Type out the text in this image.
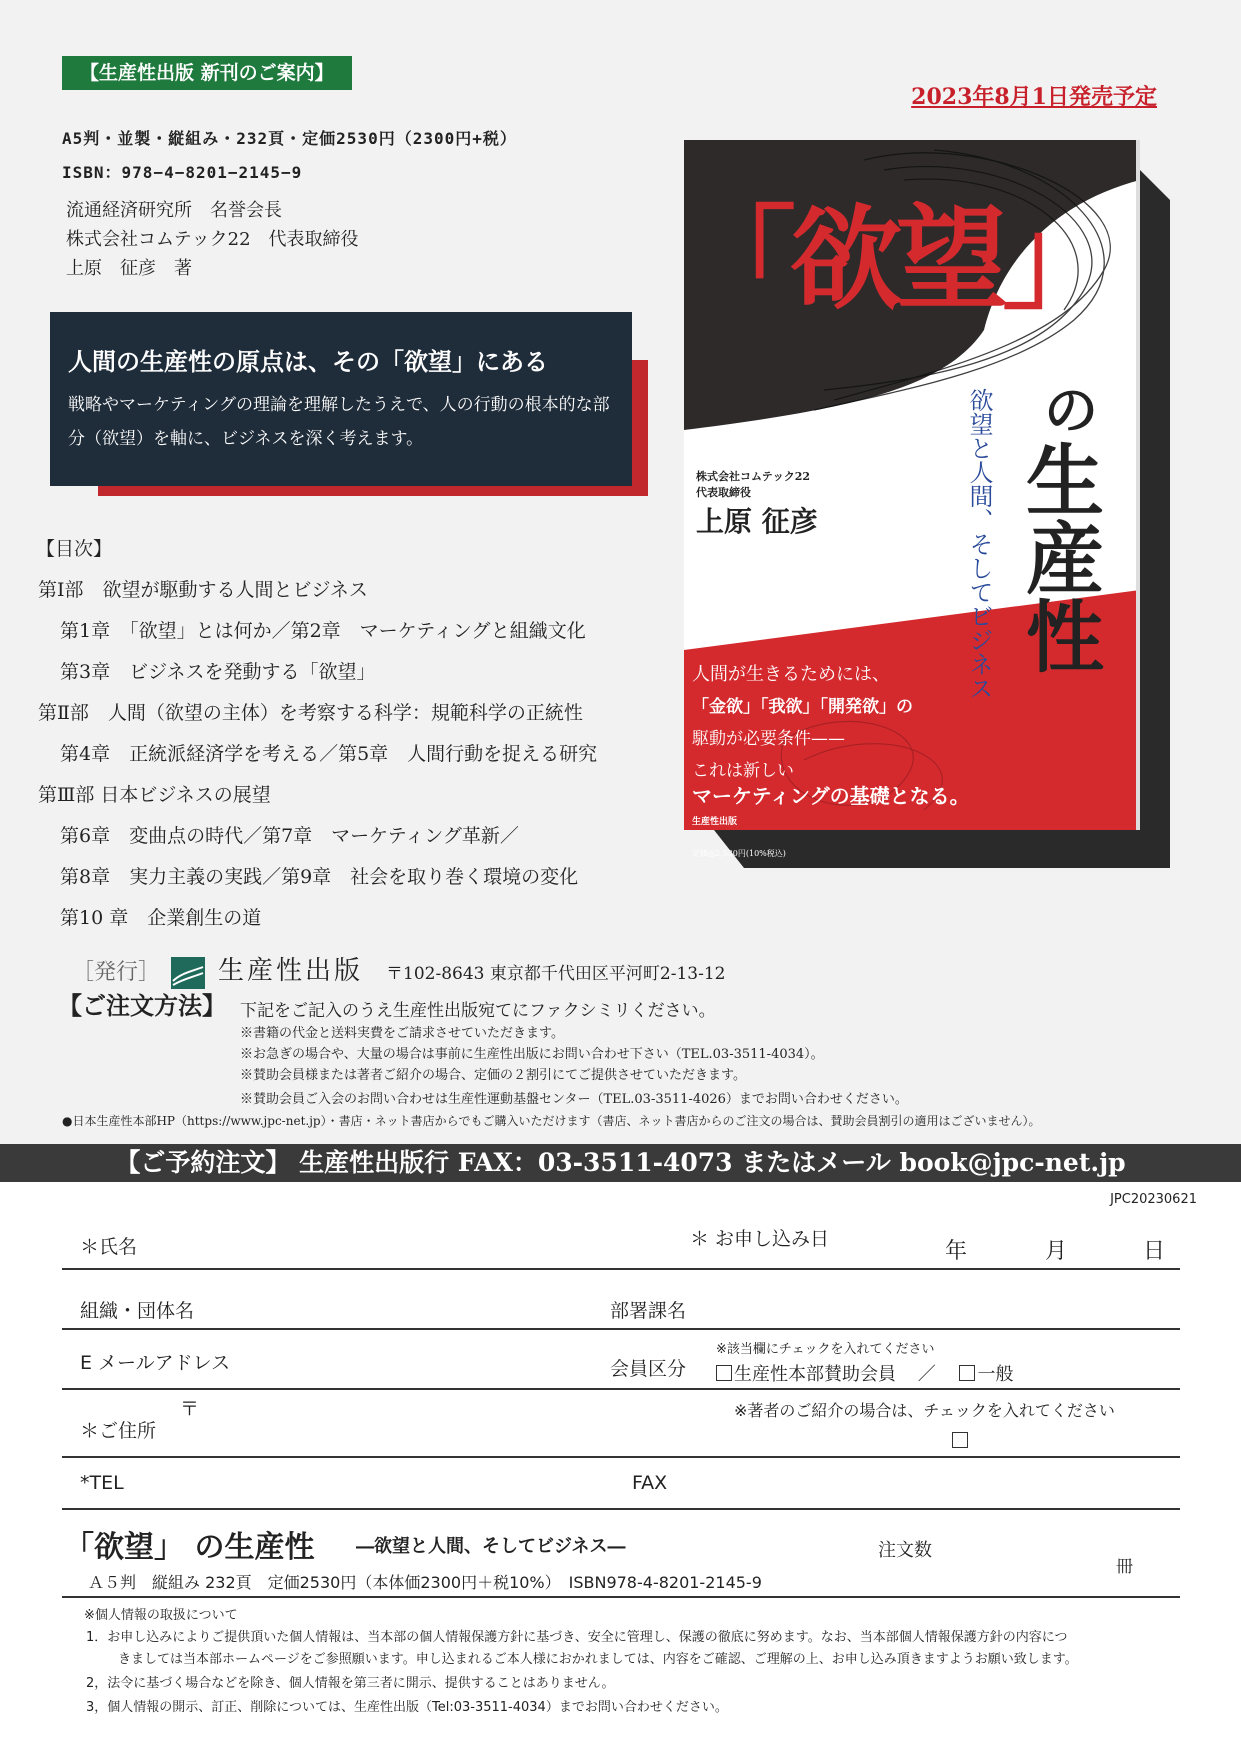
【生産性出版 新刊のご案内】
2023年8月1日発売予定
A5判・並製・縦組み・232頁・定価2530円（2300円+税）
ISBN：978−4−8201−2145−9
流通経済研究所　名誉会長
株式会社コムテック22　代表取締役
上原　征彦　著
人間の生産性の原点は、その「欲望」にある
戦略やマーケティングの理論を理解したうえで、人の行動の根本的な部分（欲望）を軸に、ビジネスを深く考えます。
【目次】
第Ⅰ部　欲望が駆動する人間とビジネス
第1章　「欲望」とは何か／第2章　マーケティングと組織文化
第3章　ビジネスを発動する「欲望」
第Ⅱ部　人間（欲望の主体）を考察する科学：規範科学の正統性
第4章　正統派経済学を考える／第5章　人間行動を捉える研究
第Ⅲ部 日本ビジネスの展望
第6章　変曲点の時代／第7章　マーケティング革新／
第8章　実力主義の実践／第9章　社会を取り巻く環境の変化
第10 章　企業創生の道
「欲望」
の
生産性
欲望と人間、そしてビジネス
株式会社コムテック22
代表取締役
上原 征彦
人間が生きるためには、
「金欲」「我欲」「開発欲」の
駆動が必要条件——
これは新しい
マーケティングの基礎となる。
生産性出版
定価◎2,530円(10%税込)
［発行］ 生産性出版 〒102-8643 東京都千代田区平河町2-13-12
【ご注文方法】 下記をご記入のうえ生産性出版宛てにファクシミリください。
※書籍の代金と送料実費をご請求させていただきます。
※お急ぎの場合や、大量の場合は事前に生産性出版にお問い合わせ下さい（TEL.03-3511-4034）。
※賛助会員様または著者ご紹介の場合、定価の２割引にてご提供させていただきます。
※賛助会員ご入会のお問い合わせは生産性運動基盤センター（TEL.03-3511-4026）までお問い合わせください。
●日本生産性本部HP（https://www.jpc-net.jp）・書店・ネット書店からでもご購入いただけます（書店、ネット書店からのご注文の場合は、賛助会員割引の適用はございません）。
【ご予約注文】 生産性出版行 FAX：03-3511-4073 またはメール book@jpc-net.jp
JPC20230621
＊氏名	＊ お申し込み日	年	月	日
組織・団体名	部署課名
E メールアドレス	会員区分
※該当欄にチェックを入れてください
生産性本部賛助会員 ／ 一般
〒
＊ご住所
※著者のご紹介の場合は、チェックを入れてください
*TEL	FAX
「欲望」 の生産性 ―欲望と人間、そしてビジネス―	注文数
冊
Ａ５判　縦組み 232頁　定価2530円（本体価2300円＋税10%）　ISBN978-4-8201-2145-9
※個人情報の取扱について
1．お申し込みによりご提供頂いた個人情報は、当本部の個人情報保護方針に基づき、安全に管理し、保護の徹底に努めます。なお、当本部個人情報保護方針の内容につ
きましては当本部ホームページをご参照願います。申し込まれるご本人様におかれましては、内容をご確認、ご理解の上、お申し込み頂きますようお願い致します。
2，法令に基づく場合などを除き、個人情報を第三者に開示、提供することはありません。
3，個人情報の開示、訂正、削除については、生産性出版（Tel:03-3511-4034）までお問い合わせください。
